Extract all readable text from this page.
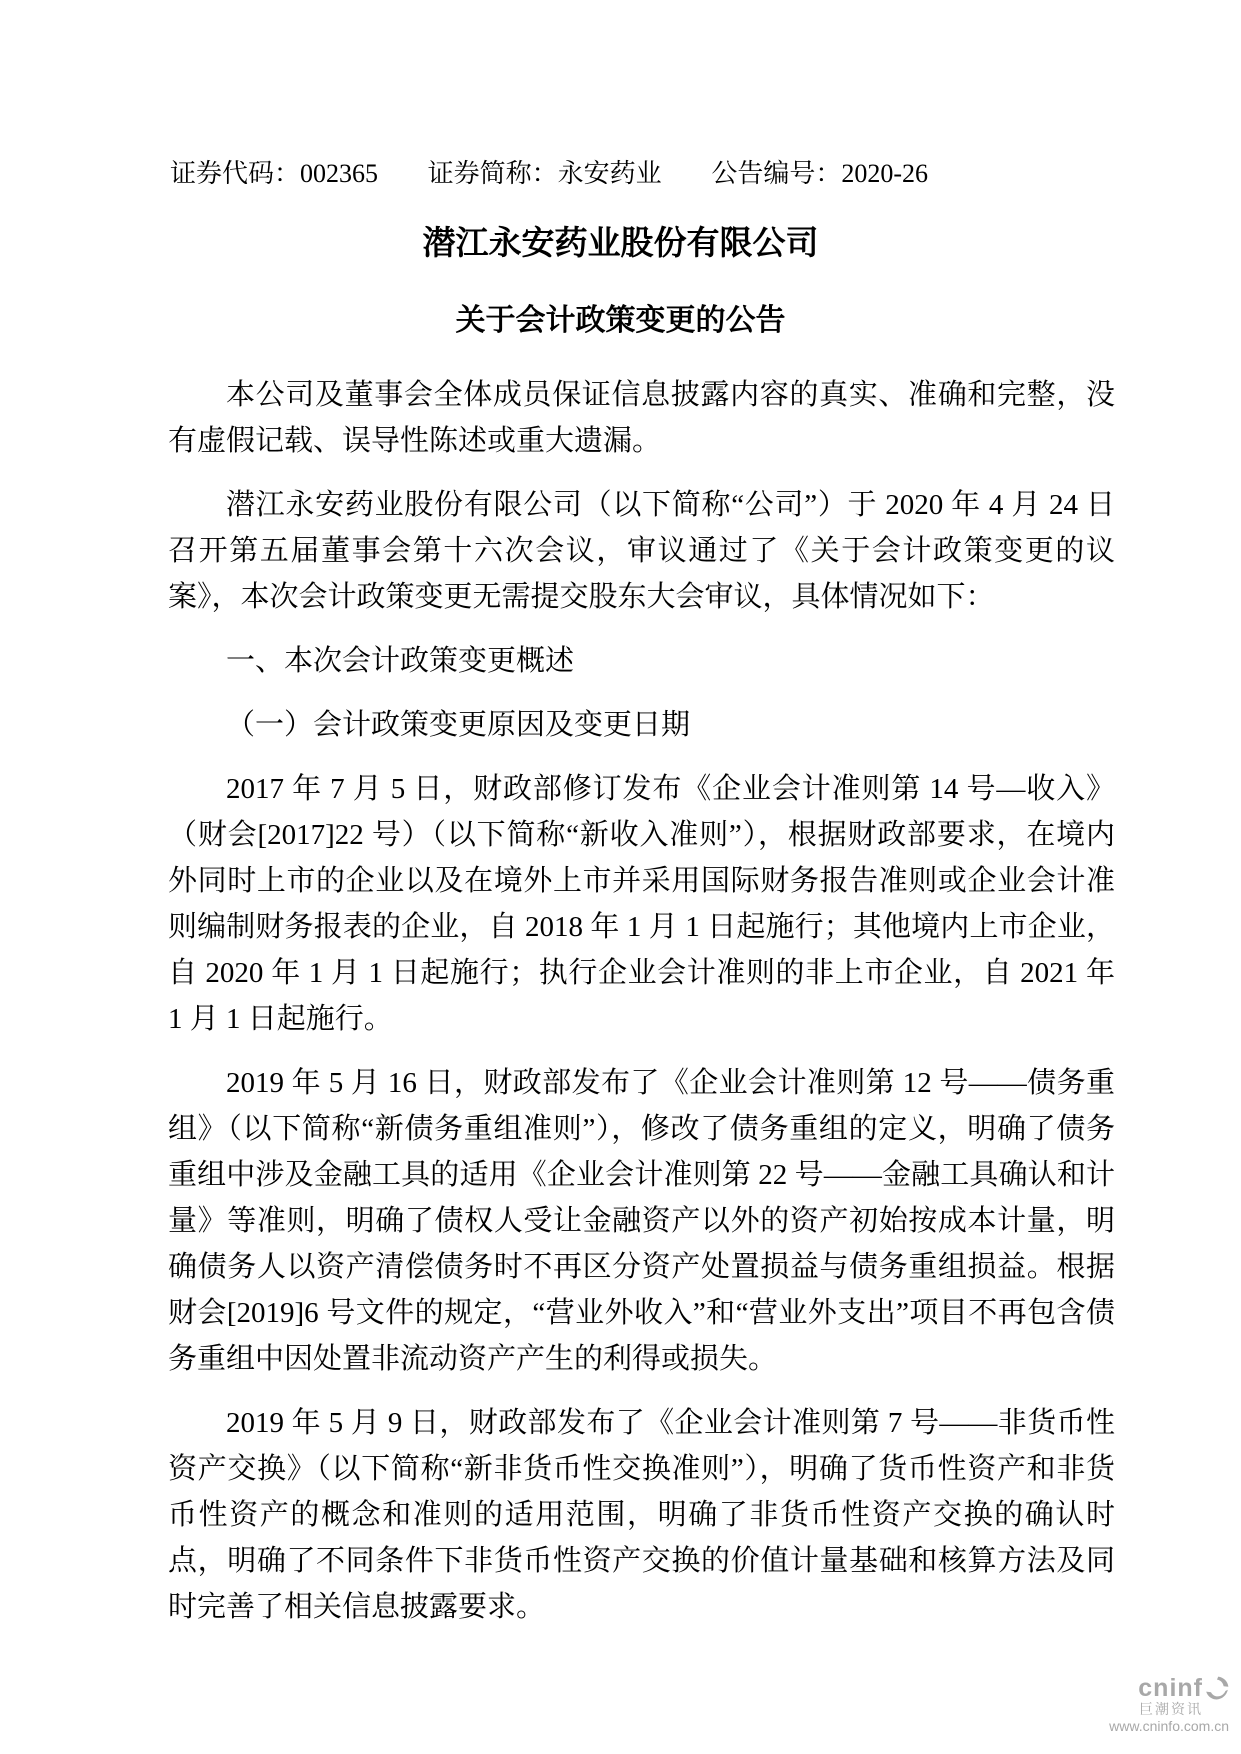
证券代码：002365 证券简称：永安药业 公告编号：2020-26
潜江永安药业股份有限公司
关于会计政策变更的公告

本公司及董事会全体成员保证信息披露内容的真实、准确和完整，没有虚假记载、误导性陈述或重大遗漏。

潜江永安药业股份有限公司（以下简称“公司”）于 2020 年 4 月 24 日召开第五届董事会第十六次会议，审议通过了《关于会计政策变更的议案》，本次会计政策变更无需提交股东大会审议，具体情况如下：

一、本次会计政策变更概述

（一）会计政策变更原因及变更日期

2017 年 7 月 5 日，财政部修订发布《企业会计准则第 14 号—收入》（财会[2017]22 号）（以下简称“新收入准则”），根据财政部要求，在境内外同时上市的企业以及在境外上市并采用国际财务报告准则或企业会计准则编制财务报表的企业，自 2018 年 1 月 1 日起施行；其他境内上市企业，自 2020 年 1 月 1 日起施行；执行企业会计准则的非上市企业，自 2021 年 1 月 1 日起施行。

2019 年 5 月 16 日，财政部发布了《企业会计准则第 12 号——债务重组》（以下简称“新债务重组准则”），修改了债务重组的定义，明确了债务重组中涉及金融工具的适用《企业会计准则第 22 号——金融工具确认和计量》等准则，明确了债权人受让金融资产以外的资产初始按成本计量，明确债务人以资产清偿债务时不再区分资产处置损益与债务重组损益。根据财会[2019]6 号文件的规定，“营业外收入”和“营业外支出”项目不再包含债务重组中因处置非流动资产产生的利得或损失。

2019 年 5 月 9 日，财政部发布了《企业会计准则第 7 号——非货币性资产交换》（以下简称“新非货币性交换准则”），明确了货币性资产和非货币性资产的概念和准则的适用范围，明确了非货币性资产交换的确认时点，明确了不同条件下非货币性资产交换的价值计量基础和核算方法及同时完善了相关信息披露要求。

cninf
巨潮资讯
www.cninfo.com.cn
